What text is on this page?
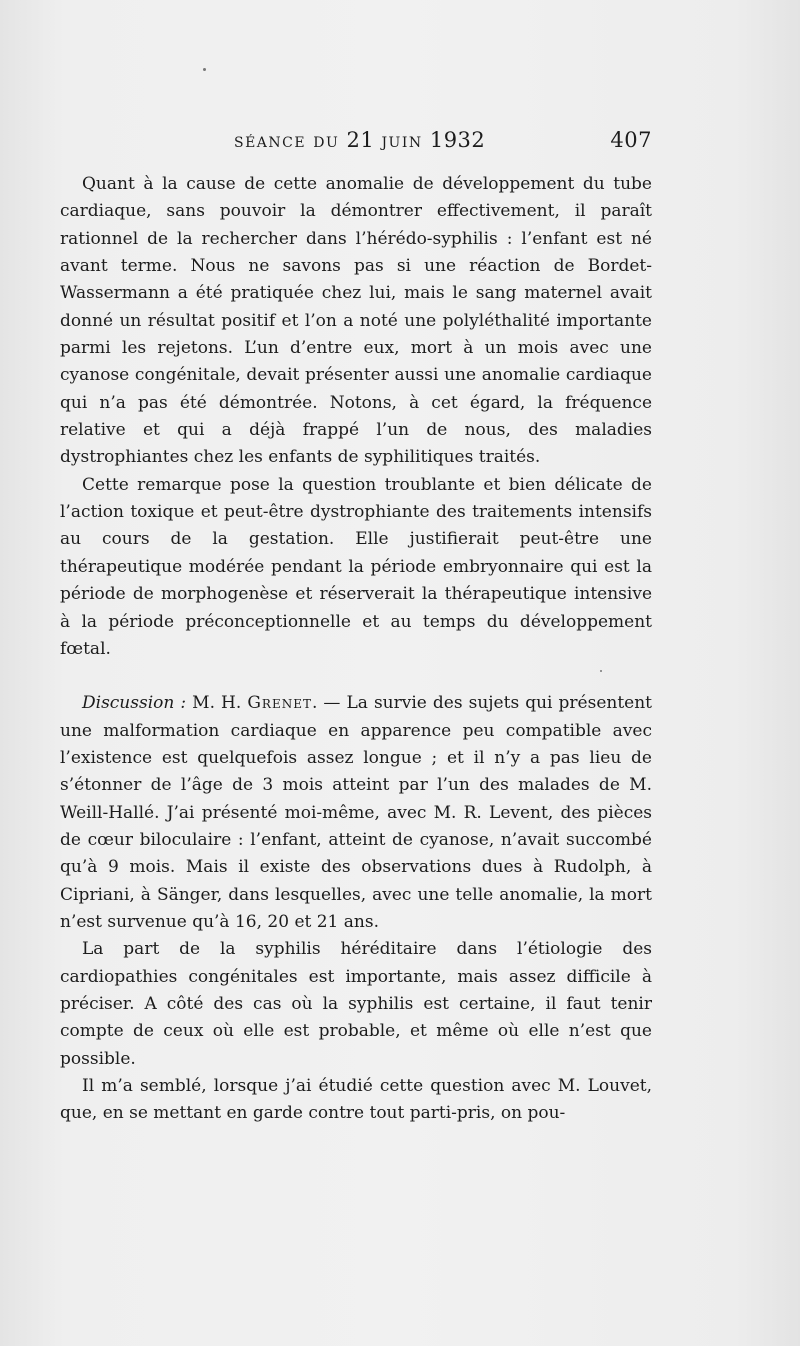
SÉANCE DU 21 JUIN 1932	407

Quant à la cause de cette anomalie de développement du tube cardiaque, sans pouvoir la démontrer effectivement, il paraît rationnel de la rechercher dans l’hérédo-syphilis : l’enfant est né avant terme. Nous ne savons pas si une réaction de Bordet-Wassermann a été pratiquée chez lui, mais le sang maternel avait donné un résultat positif et l’on a noté une polyléthalité importante parmi les rejetons. L’un d’entre eux, mort à un mois avec une cyanose congénitale, devait présenter aussi une anomalie cardiaque qui n’a pas été démontrée. Notons, à cet égard, la fréquence relative et qui a déjà frappé l’un de nous, des maladies dystrophiantes chez les enfants de syphilitiques traités.

Cette remarque pose la question troublante et bien délicate de l’action toxique et peut-être dystrophiante des traitements intensifs au cours de la gestation. Elle justifierait peut-être une thérapeutique modérée pendant la période embryonnaire qui est la période de morphogenèse et réserverait la thérapeutique intensive à la période préconceptionnelle et au temps du développement fœtal.

Discussion : M. H. Grenet. — La survie des sujets qui présentent une malformation cardiaque en apparence peu compatible avec l’existence est quelquefois assez longue ; et il n’y a pas lieu de s’étonner de l’âge de 3 mois atteint par l’un des malades de M. Weill-Hallé. J’ai présenté moi-même, avec M. R. Levent, des pièces de cœur biloculaire : l’enfant, atteint de cyanose, n’avait succombé qu’à 9 mois. Mais il existe des observations dues à Rudolph, à Cipriani, à Sänger, dans lesquelles, avec une telle anomalie, la mort n’est survenue qu’à 16, 20 et 21 ans.

La part de la syphilis héréditaire dans l’étiologie des cardiopathies congénitales est importante, mais assez difficile à préciser. A côté des cas où la syphilis est certaine, il faut tenir compte de ceux où elle est probable, et même où elle n’est que possible.

Il m’a semblé, lorsque j’ai étudié cette question avec M. Louvet, que, en se mettant en garde contre tout parti-pris, on pou-
